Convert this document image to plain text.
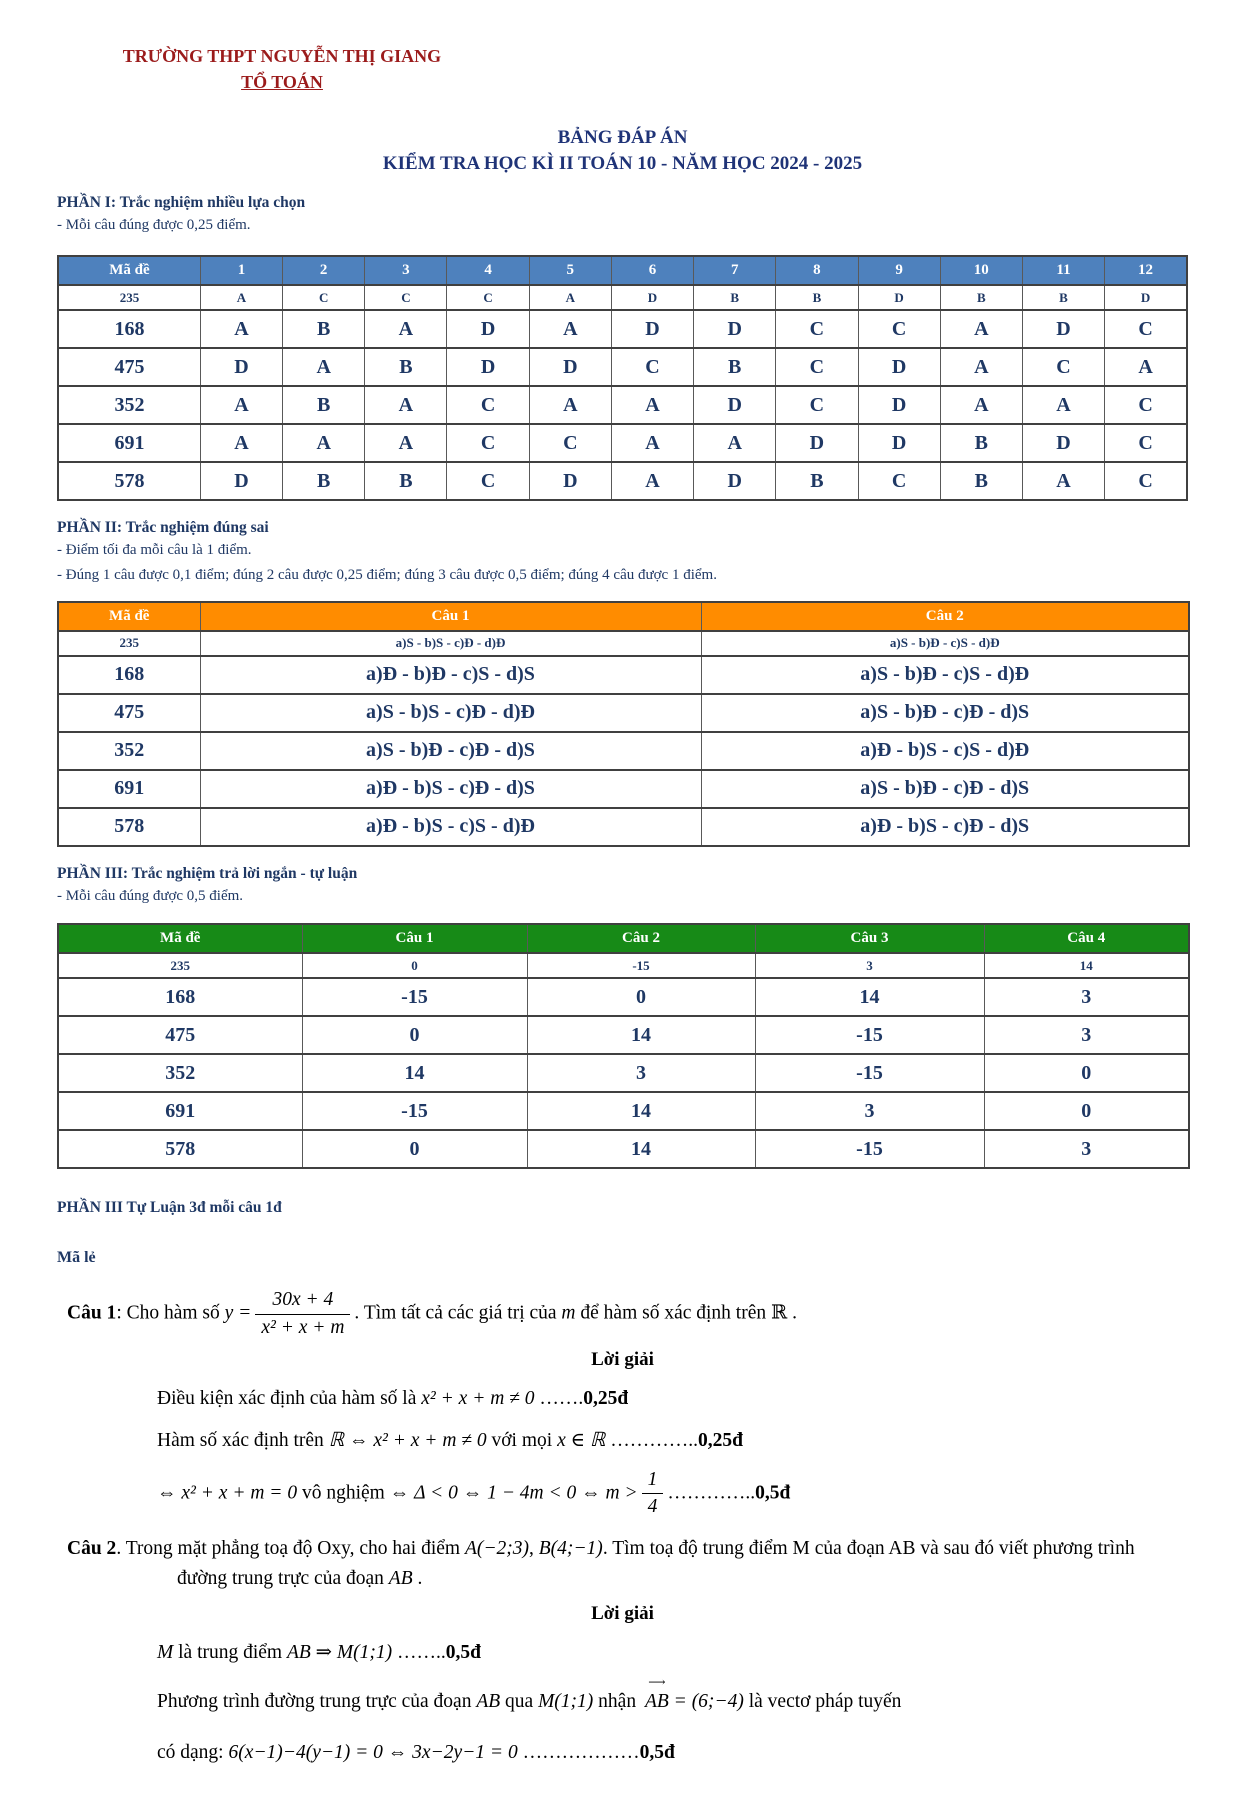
TRƯỜNG THPT NGUYỄN THỊ GIANG
TỔ TOÁN
BẢNG ĐÁP ÁN
KIỂM TRA HỌC KÌ II TOÁN 10 - NĂM HỌC 2024 - 2025
PHẦN I: Trắc nghiệm nhiều lựa chọn
- Mỗi câu đúng được 0,25 điểm.
Mã đề	1	2	3	4	5	6	7	8	9	10	11	12
235	A	C	C	C	A	D	B	B	D	B	B	D
168	A	B	A	D	A	D	D	C	C	A	D	C
475	D	A	B	D	D	C	B	C	D	A	C	A
352	A	B	A	C	A	A	D	C	D	A	A	C
691	A	A	A	C	C	A	A	D	D	B	D	C
578	D	B	B	C	D	A	D	B	C	B	A	C
PHẦN II: Trắc nghiệm đúng sai
- Điểm tối đa mỗi câu là 1 điểm.
- Đúng 1 câu được 0,1 điểm; đúng 2 câu được 0,25 điểm; đúng 3 câu được 0,5 điểm; đúng 4 câu được 1 điểm.
Mã đề	Câu 1	Câu 2
235	a)S - b)S - c)Đ - d)Đ	a)S - b)Đ - c)S - d)Đ
168	a)Đ - b)Đ - c)S - d)S	a)S - b)Đ - c)S - d)Đ
475	a)S - b)S - c)Đ - d)Đ	a)S - b)Đ - c)Đ - d)S
352	a)S - b)Đ - c)Đ - d)S	a)Đ - b)S - c)S - d)Đ
691	a)Đ - b)S - c)Đ - d)S	a)S - b)Đ - c)Đ - d)S
578	a)Đ - b)S - c)S - d)Đ	a)Đ - b)S - c)Đ - d)S
PHẦN III: Trắc nghiệm trả lời ngắn - tự luận
- Mỗi câu đúng được 0,5 điểm.
Mã đề	Câu 1	Câu 2	Câu 3	Câu 4
235	0	-15	3	14
168	-15	0	14	3
475	0	14	-15	3
352	14	3	-15	0
691	-15	14	3	0
578	0	14	-15	3
PHẦN III Tự Luận 3đ mỗi câu 1đ
Mã lẻ
Câu 1: Cho hàm số $y = \frac{30x + 4}{\text{x² + x + m}}$ . Tìm tất cả các giá trị của m để hàm số xác định trên ℝ .
Lời giải
Điều kiện xác định của hàm số là x² + x + m ≠ 0 …….0,25đ
Hàm số xác định trên ℝ ⇔ x² + x + m ≠ 0 với mọi x ∈ ℝ …………..0,25đ
⇔ x² + x + m = 0 vô nghiệm ⇔ Δ < 0 ⇔ 1 − 4m < 0 ⇔ $m > \frac{1}{4}$ …………..0,5đ
Câu 2. Trong mặt phẳng toạ độ Oxy, cho hai điểm A(−2;3), B(4;−1). Tìm toạ độ trung điểm M của đoạn AB và sau đó viết phương trình đường trung trực của đoạn AB .
Lời giải
M là trung điểm AB ⇒ M(1;1) ……..0,5đ
Phương trình đường trung trực của đoạn AB qua M(1;1) nhận ⟶ AB = (6;−4) là vectơ pháp tuyến
có dạng: 6(x−1)−4(y−1) = 0 ⇔ 3x−2y−1 = 0 ………………0,5đ
